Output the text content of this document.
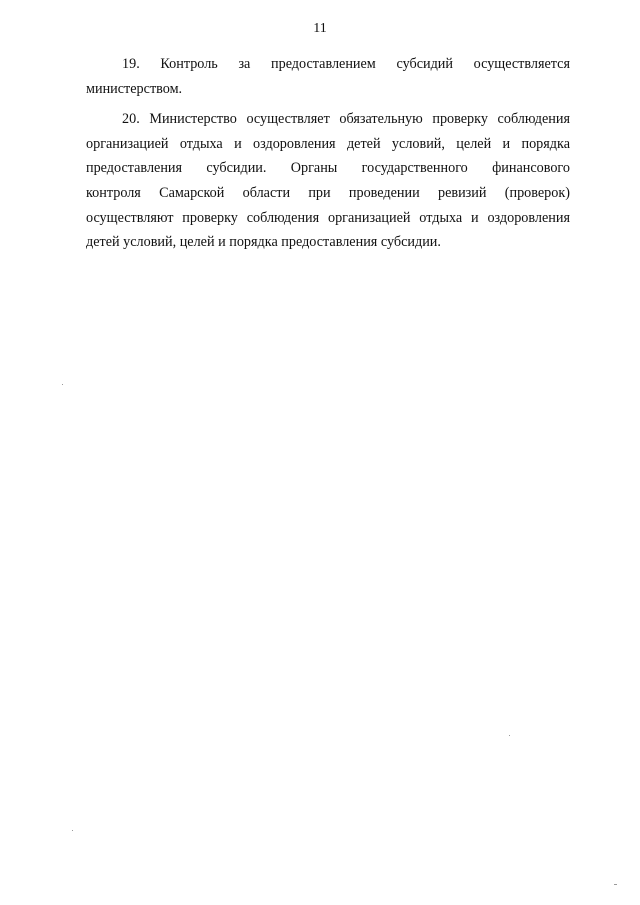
11
19. Контроль за предоставлением субсидий осуществляется
министерством.
20. Министерство осуществляет обязательную проверку соблюдения
организацией отдыха и оздоровления детей условий, целей и порядка
предоставления субсидии. Органы государственного финансового
контроля Самарской области при проведении ревизий (проверок)
осуществляют проверку соблюдения организацией отдыха и оздоровления
детей условий, целей и порядка предоставления субсидии.
